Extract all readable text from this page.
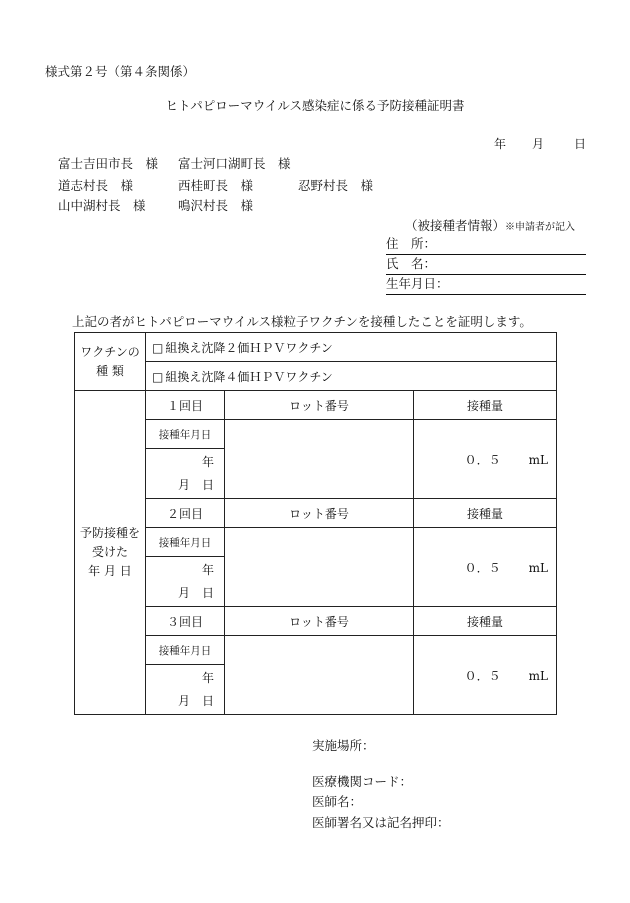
様式第２号（第４条関係）
ヒトパピローマウイルス感染症に係る予防接種証明書
年 月 日
富士吉田市長　様 富士河口湖町長　様
道志村長　様	西桂町長　様	忍野村長　様
山中湖村長　様	鳴沢村長　様
（被接種者情報）※申請者が記入
住　所：
氏　名：
生年月日：
上記の者がヒトパピローマウイルス様粒子ワクチンを接種したことを証明します。
ワクチンの
種 類	□ 組換え沈降２価ＨＰＶワクチン		
	□ 組換え沈降４価ＨＰＶワクチン		
予防接種を
受けた
年 月 日	１回目	ロット番号	接種量
	接種年月日		０．５ mL
	年
月　日		
	２回目	ロット番号	接種量
	接種年月日		０．５ mL
	年
月　日		
	３回目	ロット番号	接種量
	接種年月日		０．５ mL
	年
月　日		
実施場所：
医療機関コード：
医師名：
医師署名又は記名押印：
